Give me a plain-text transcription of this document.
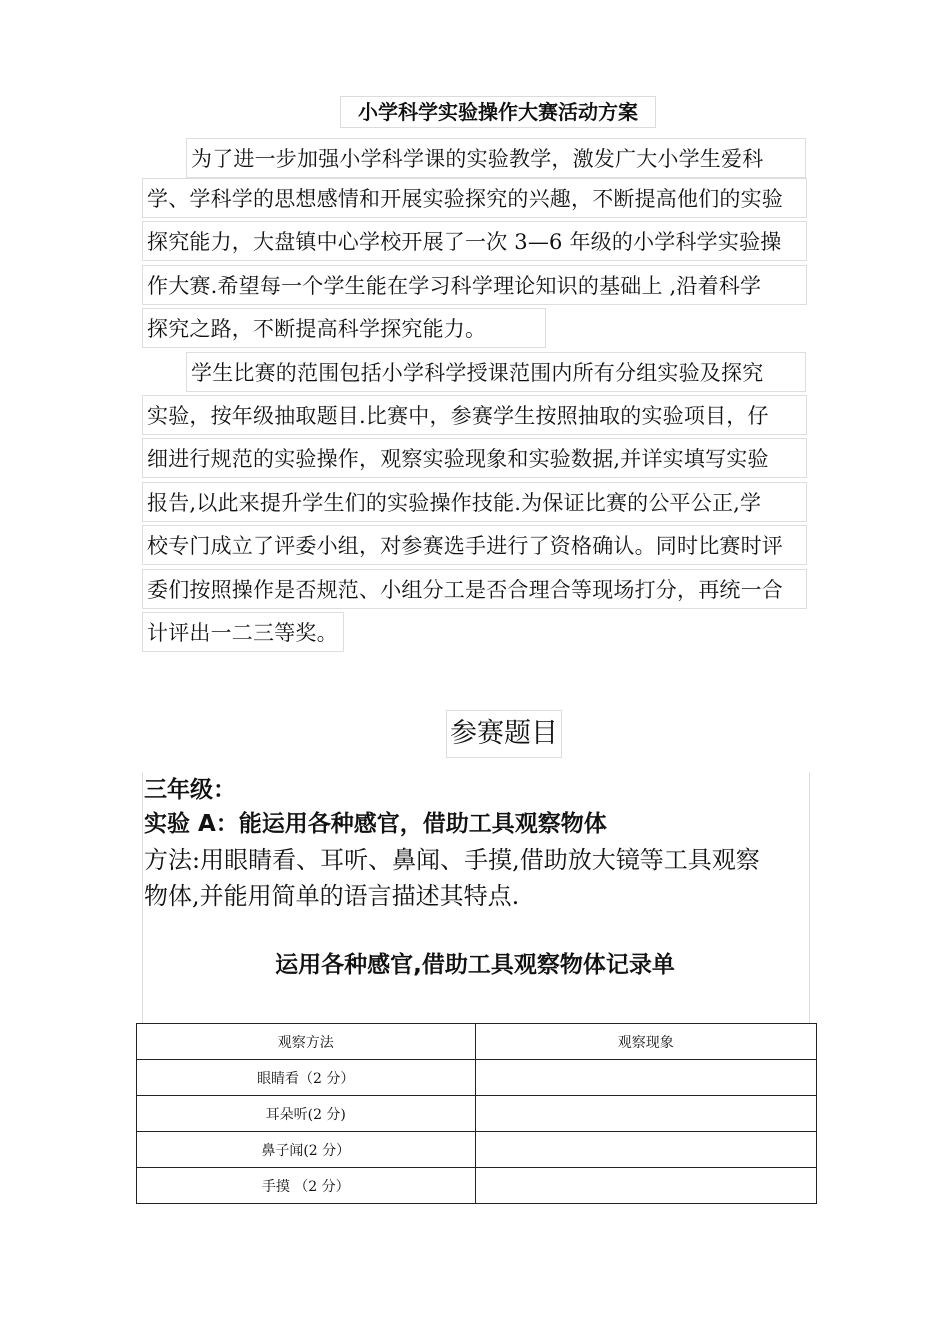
小学科学实验操作大赛活动方案
为了进一步加强小学科学课的实验教学，激发广大小学生爱科
学、学科学的思想感情和开展实验探究的兴趣，不断提高他们的实验
探究能力，大盘镇中心学校开展了一次 3—6 年级的小学科学实验操
作大赛.希望每一个学生能在学习科学理论知识的基础上 ,沿着科学
探究之路，不断提高科学探究能力。
学生比赛的范围包括小学科学授课范围内所有分组实验及探究
实验，按年级抽取题目.比赛中，参赛学生按照抽取的实验项目，仔
细进行规范的实验操作，观察实验现象和实验数据,并详实填写实验
报告,以此来提升学生们的实验操作技能.为保证比赛的公平公正,学
校专门成立了评委小组，对参赛选手进行了资格确认。同时比赛时评
委们按照操作是否规范、小组分工是否合理合等现场打分，再统一合
计评出一二三等奖。
参赛题目
三年级：
实验 A：能运用各种感官，借助工具观察物体
方法:用眼睛看、耳听、鼻闻、手摸,借助放大镜等工具观察
物体,并能用简单的语言描述其特点.
运用各种感官,借助工具观察物体记录单
观察方法	观察现象
眼睛看（2 分）	
耳朵听(2 分)	
鼻子闻(2 分）	
手摸 （2 分）	
